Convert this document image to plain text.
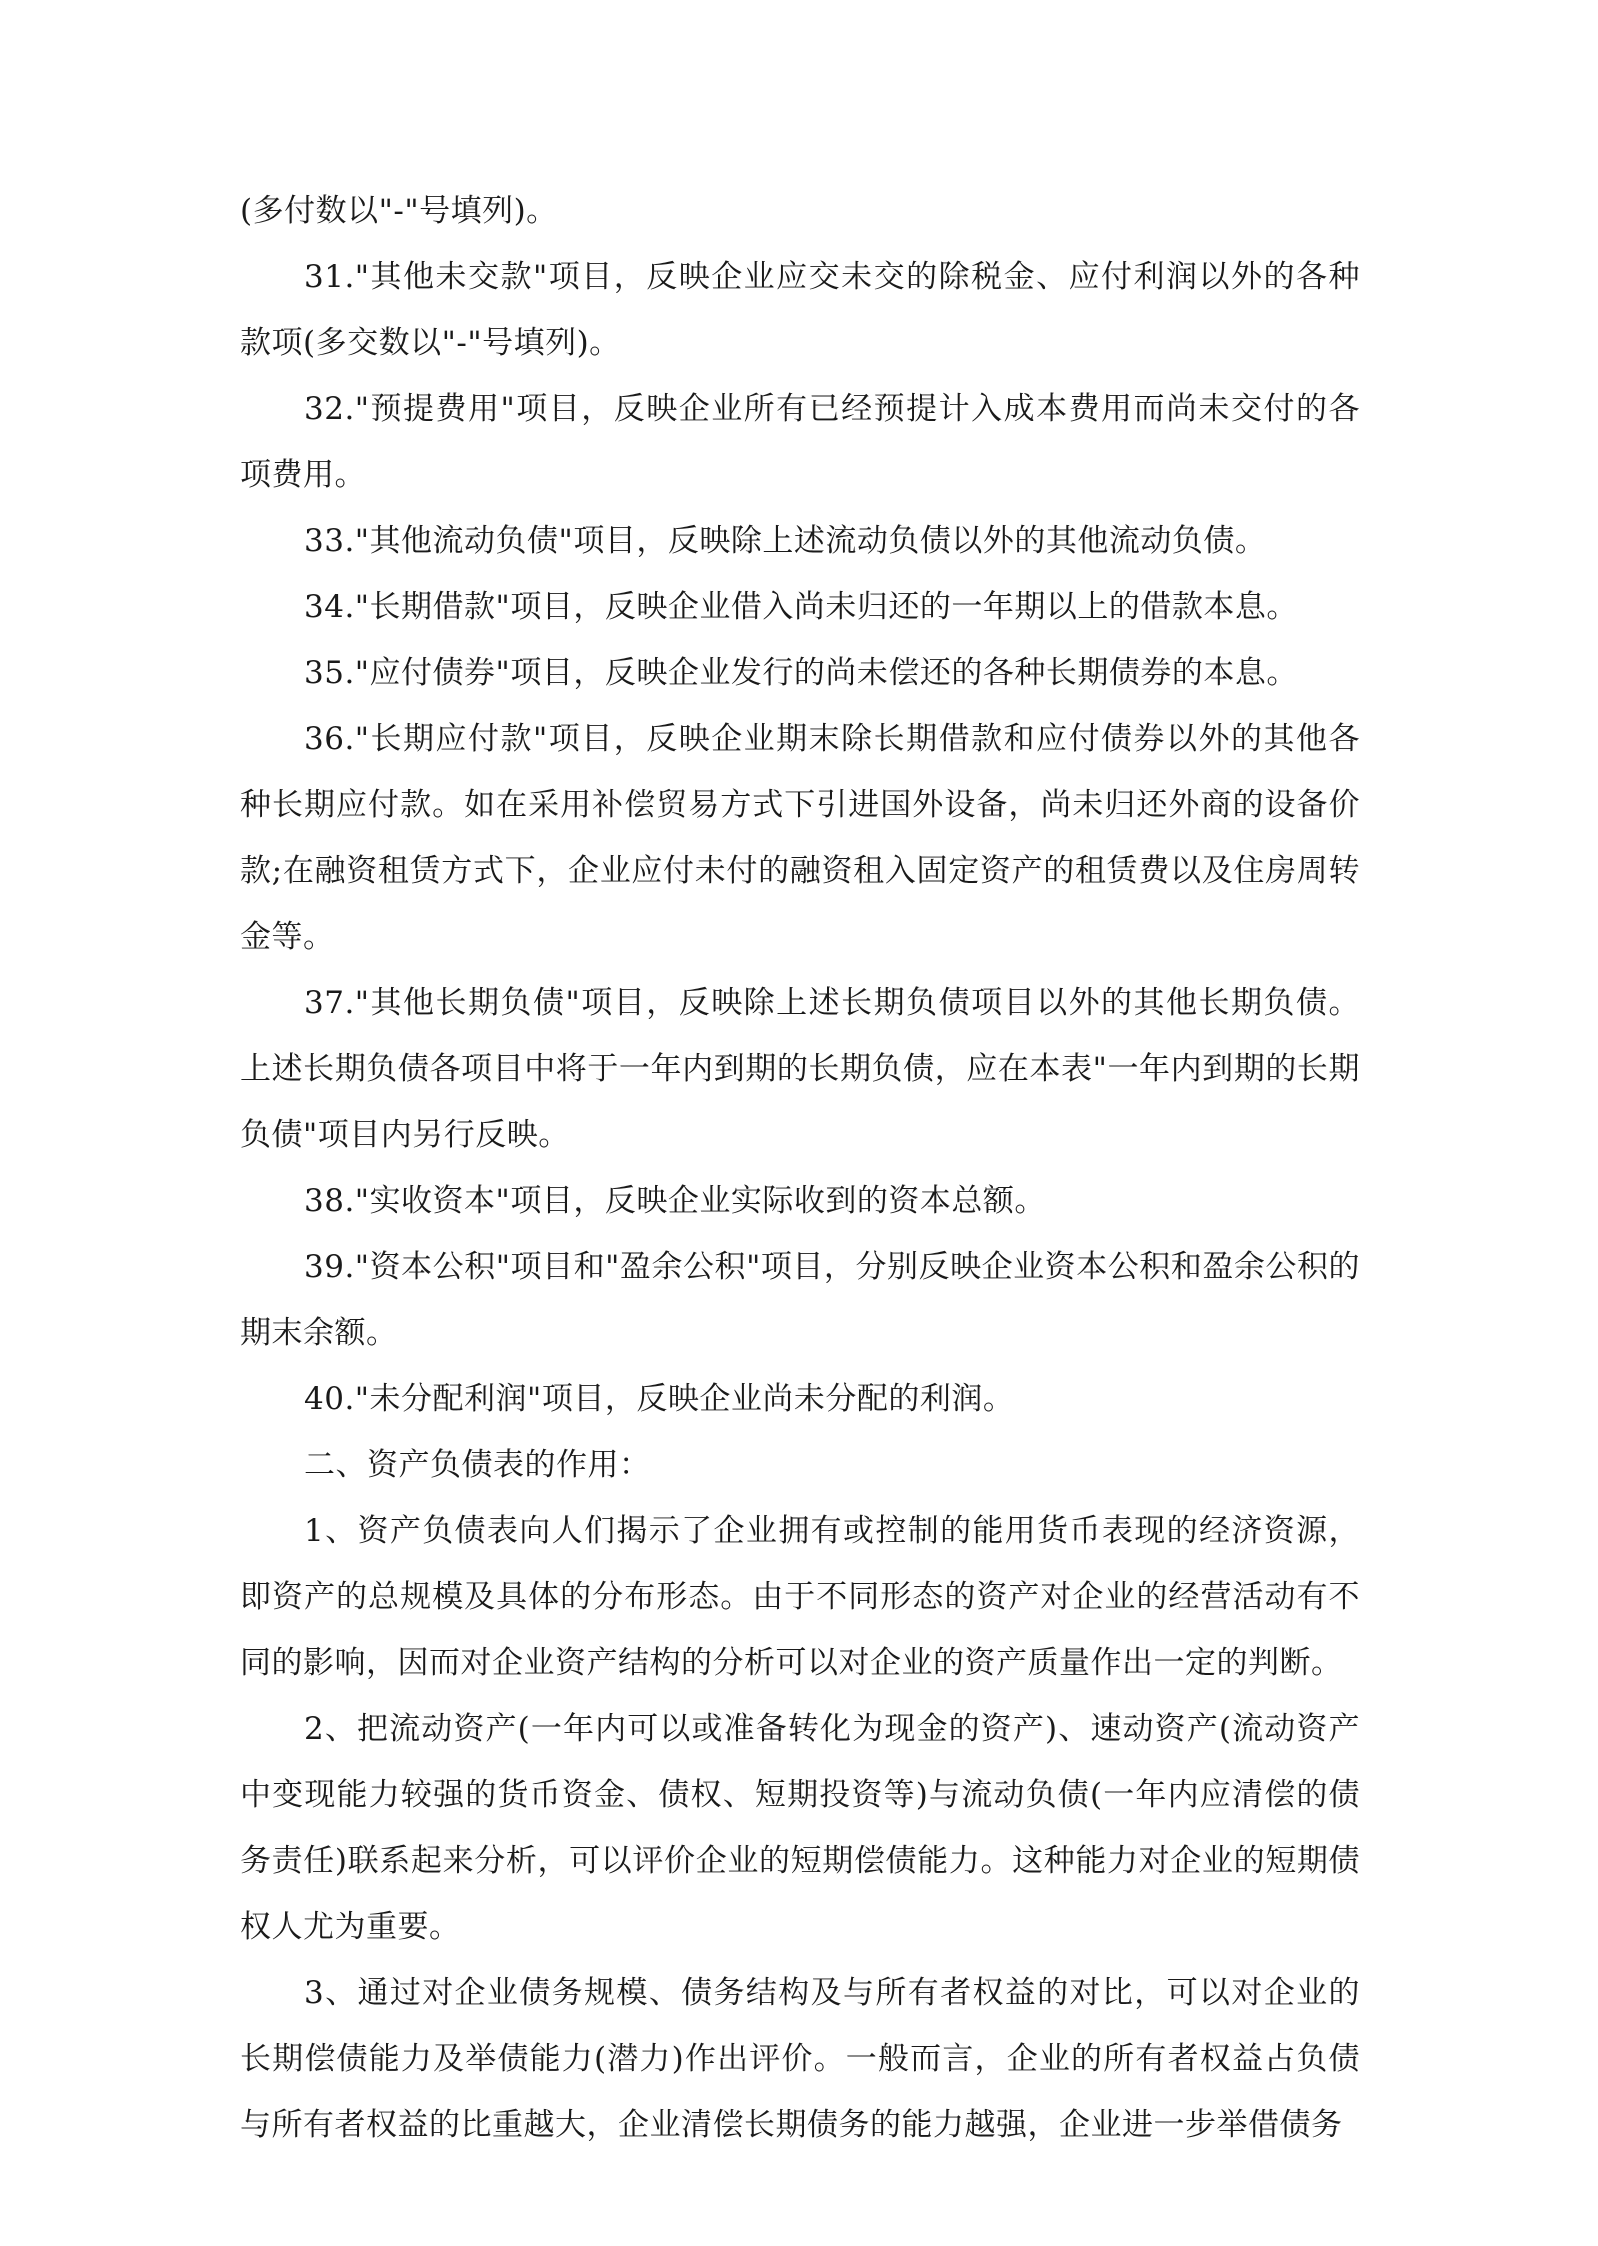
(多付数以"-"号填列)。

31."其他未交款"项目，反映企业应交未交的除税金、应付利润以外的各种款项(多交数以"-"号填列)。

32."预提费用"项目，反映企业所有已经预提计入成本费用而尚未交付的各项费用。

33."其他流动负债"项目，反映除上述流动负债以外的其他流动负债。

34."长期借款"项目，反映企业借入尚未归还的一年期以上的借款本息。

35."应付债券"项目，反映企业发行的尚未偿还的各种长期债券的本息。

36."长期应付款"项目，反映企业期末除长期借款和应付债券以外的其他各种长期应付款。如在采用补偿贸易方式下引进国外设备，尚未归还外商的设备价款;在融资租赁方式下，企业应付未付的融资租入固定资产的租赁费以及住房周转金等。

37."其他长期负债"项目，反映除上述长期负债项目以外的其他长期负债。上述长期负债各项目中将于一年内到期的长期负债，应在本表"一年内到期的长期负债"项目内另行反映。

38."实收资本"项目，反映企业实际收到的资本总额。

39."资本公积"项目和"盈余公积"项目，分别反映企业资本公积和盈余公积的期末余额。

40."未分配利润"项目，反映企业尚未分配的利润。

二、资产负债表的作用：

1、资产负债表向人们揭示了企业拥有或控制的能用货币表现的经济资源，即资产的总规模及具体的分布形态。由于不同形态的资产对企业的经营活动有不同的影响，因而对企业资产结构的分析可以对企业的资产质量作出一定的判断。

2、把流动资产(一年内可以或准备转化为现金的资产)、速动资产(流动资产中变现能力较强的货币资金、债权、短期投资等)与流动负债(一年内应清偿的债务责任)联系起来分析，可以评价企业的短期偿债能力。这种能力对企业的短期债权人尤为重要。

3、通过对企业债务规模、债务结构及与所有者权益的对比，可以对企业的长期偿债能力及举债能力(潜力)作出评价。一般而言，企业的所有者权益占负债与所有者权益的比重越大，企业清偿长期债务的能力越强，企业进一步举借债务
